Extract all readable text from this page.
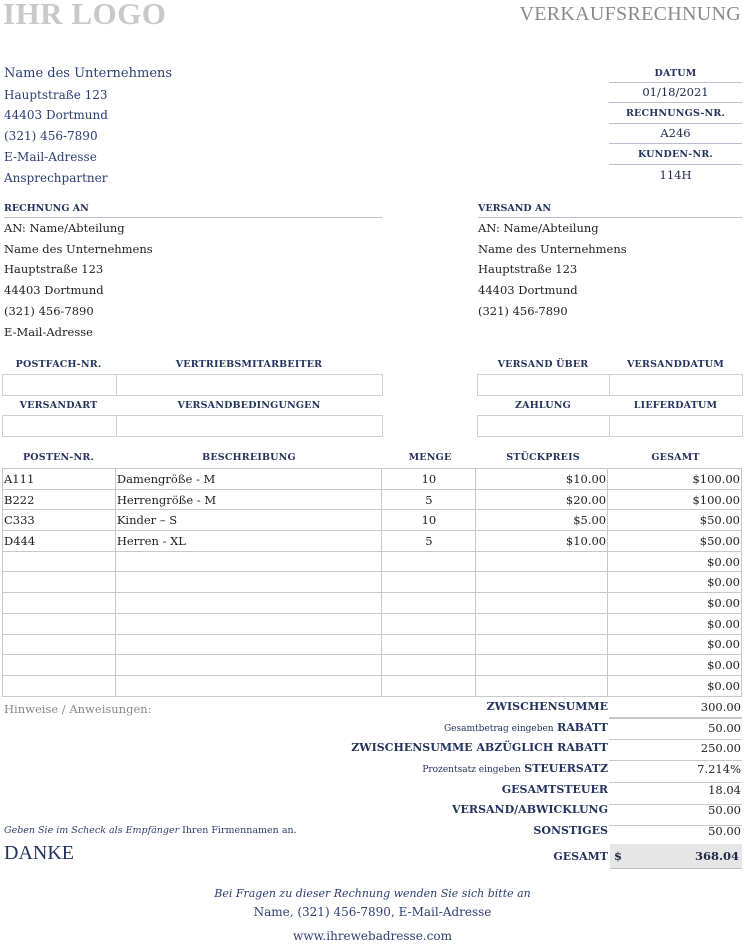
IHR LOGO	VERKAUFSRECHNUNG
Name des Unternehmens
Hauptstraße 123
44403 Dortmund
(321) 456-7890
E-Mail-Adresse
Ansprechpartner
DATUM
01/18/2021
RECHNUNGS-NR.
A246
KUNDEN-NR.
114H
RECHNUNG AN
AN: Name/Abteilung
Name des Unternehmens
Hauptstraße 123
44403 Dortmund
(321) 456-7890
E-Mail-Adresse
VERSAND AN
AN: Name/Abteilung
Name des Unternehmens
Hauptstraße 123
44403 Dortmund
(321) 456-7890
POSTFACH-NR.	VERTRIEBSMITARBEITER	VERSAND ÜBER	VERSANDDATUM
VERSANDART	VERSANDBEDINGUNGEN	ZAHLUNG	LIEFERDATUM
POSTEN-NR.	BESCHREIBUNG	MENGE	STÜCKPREIS	GESAMT
A111	Damengröße - M	10	$10.00	$100.00
B222	Herrengröße - M	5	$20.00	$100.00
C333	Kinder – S	10	$5.00	$50.00
D444	Herren - XL	5	$10.00	$50.00
				$0.00
				$0.00
				$0.00
				$0.00
				$0.00
				$0.00
				$0.00
Hinweise / Anweisungen:	ZWISCHENSUMME	300.00
Gesamtbetrag eingeben RABATT	50.00
ZWISCHENSUMME ABZÜGLICH RABATT	250.00
Prozentsatz eingeben STEUERSATZ	7.214%
GESAMTSTEUER	18.04
VERSAND/ABWICKLUNG	50.00
SONSTIGES	50.00
GESAMT $	368.04
Geben Sie im Scheck als Empfänger Ihren Firmennamen an.
DANKE
Bei Fragen zu dieser Rechnung wenden Sie sich bitte an
Name, (321) 456-7890, E-Mail-Adresse
www.ihrewebadresse.com
